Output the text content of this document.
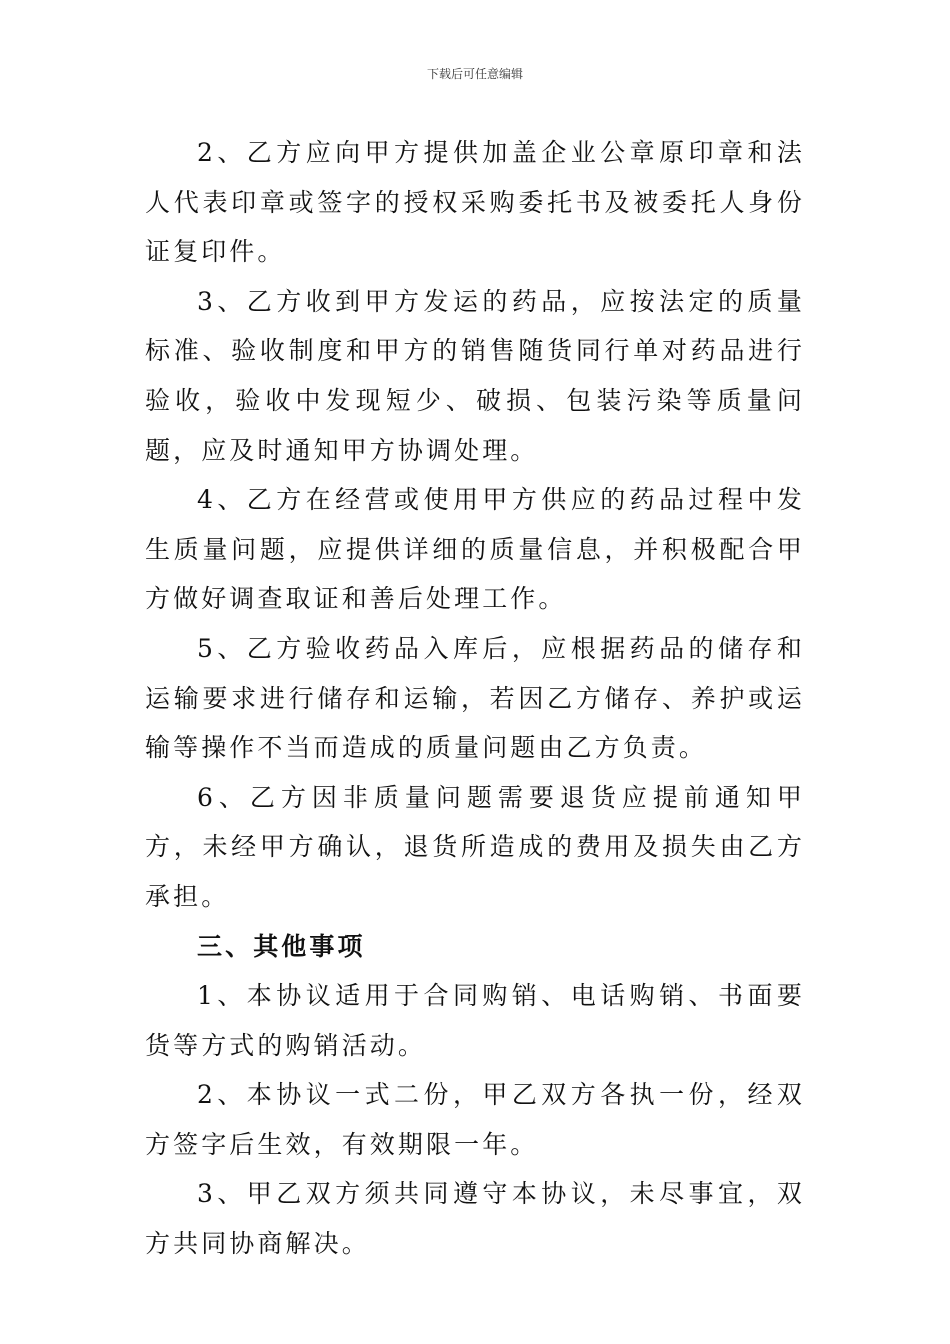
下载后可任意编辑

2、乙方应向甲方提供加盖企业公章原印章和法人代表印章或签字的授权采购委托书及被委托人身份证复印件。

3、乙方收到甲方发运的药品，应按法定的质量标准、验收制度和甲方的销售随货同行单对药品进行验收，验收中发现短少、破损、包装污染等质量问题，应及时通知甲方协调处理。

4、乙方在经营或使用甲方供应的药品过程中发生质量问题，应提供详细的质量信息，并积极配合甲方做好调查取证和善后处理工作。

5、乙方验收药品入库后，应根据药品的储存和运输要求进行储存和运输，若因乙方储存、养护或运输等操作不当而造成的质量问题由乙方负责。

6、乙方因非质量问题需要退货应提前通知甲方，未经甲方确认，退货所造成的费用及损失由乙方承担。

三、其他事项

1、本协议适用于合同购销、电话购销、书面要货等方式的购销活动。

2、本协议一式二份，甲乙双方各执一份，经双方签字后生效，有效期限一年。

3、甲乙双方须共同遵守本协议，未尽事宜，双方共同协商解决。
